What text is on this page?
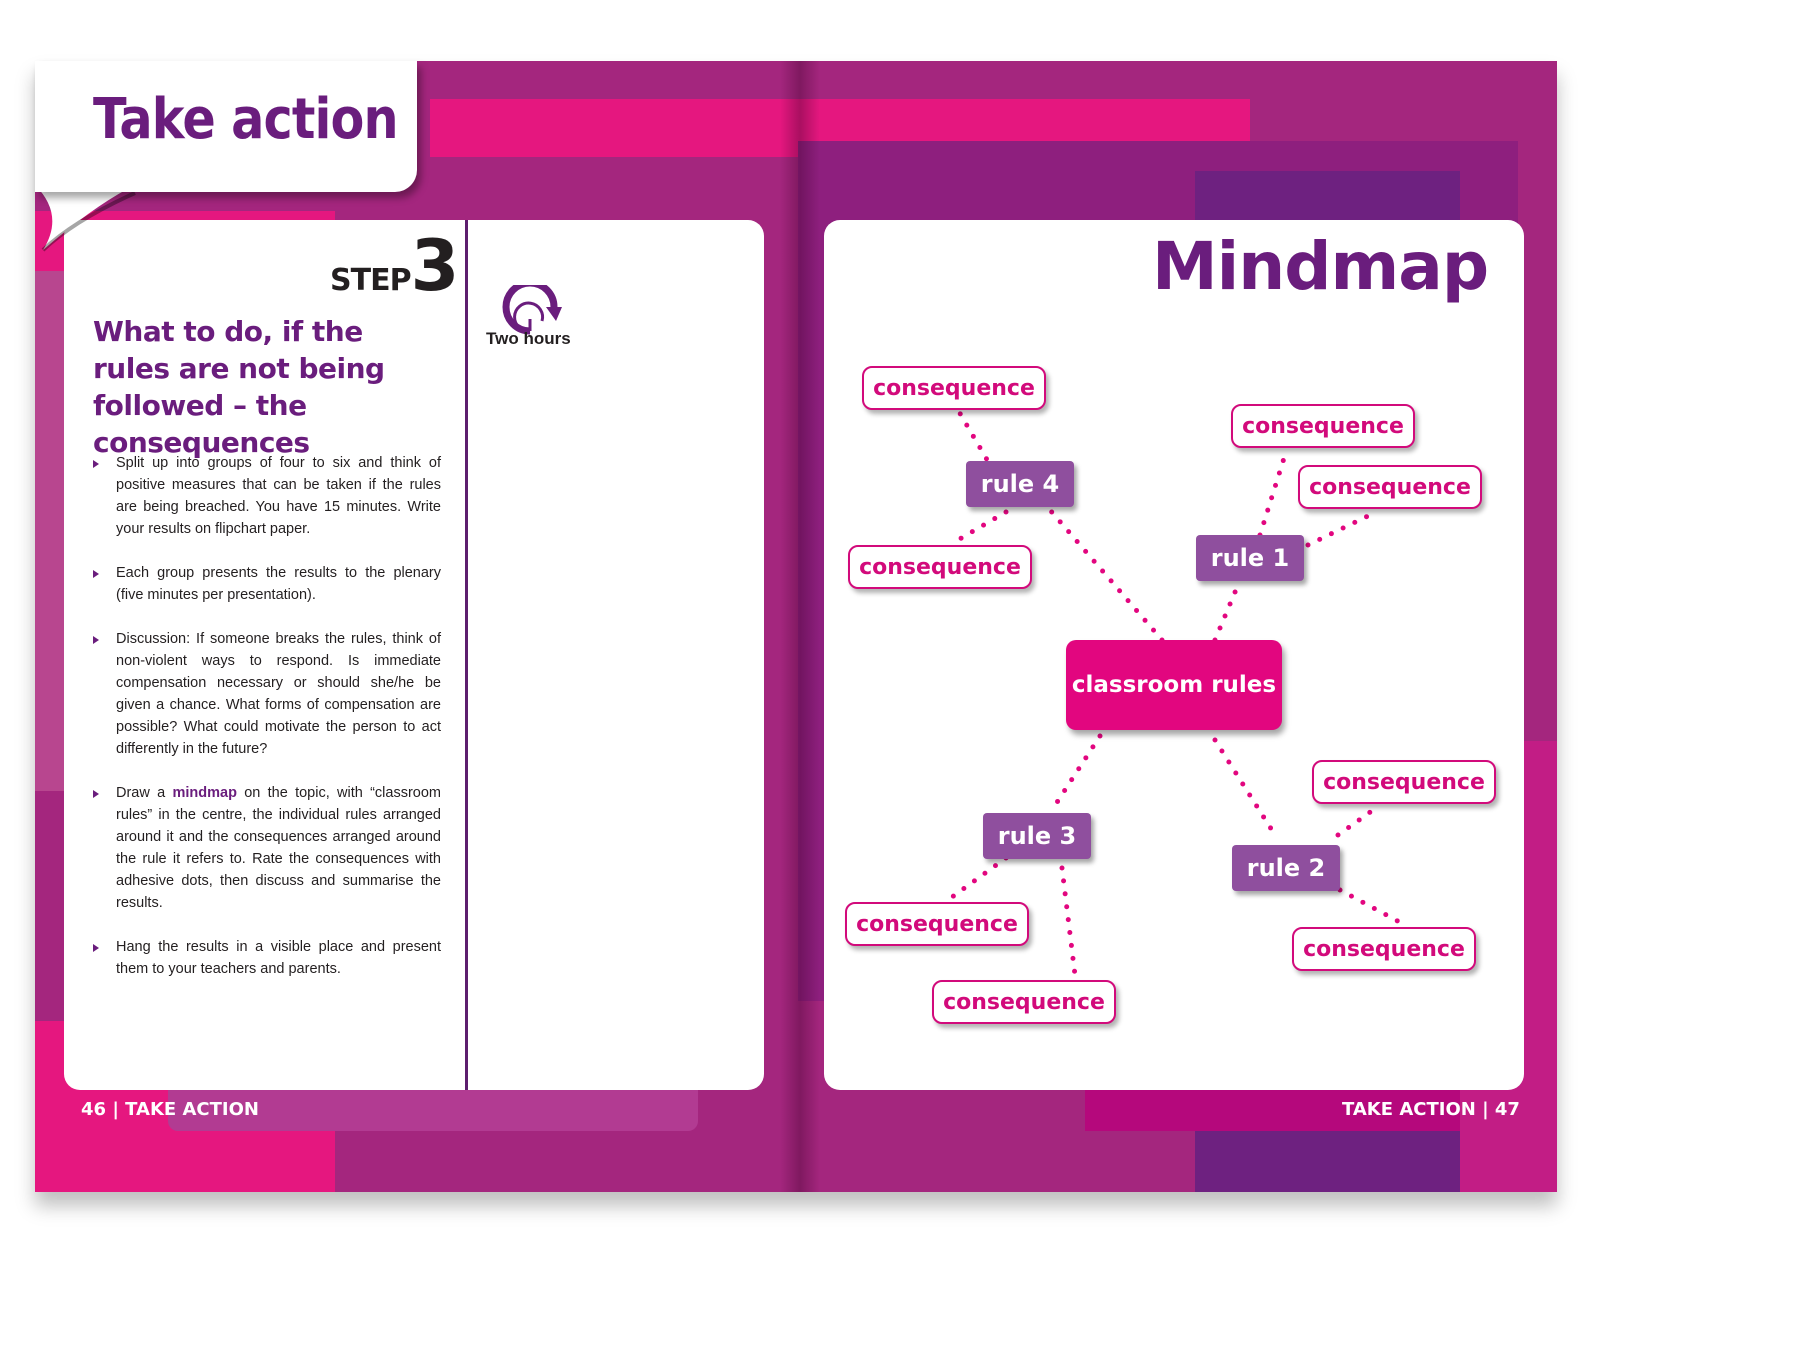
Take action
STEP3
What to do, if the rules are not being followed – the consequences
Split up into groups of four to six and think of positive measures that can be taken if the rules are being breached. You have 15 minutes. Write your results on flipchart paper.
Each group presents the results to the plenary (five minutes per presentation).
Discussion: If someone breaks the rules, think of non-violent ways to respond. Is immediate compensation necessary or should she/he be given a chance. What forms of compensation are possible? What could motivate the person to act differently in the future?
Draw a mindmap on the topic, with “classroom rules” in the centre, the individual rules arranged around it and the consequences arranged around the rule it refers to. Rate the consequences with adhesive dots, then discuss and summarise the results.
Hang the results in a visible place and present them to your teachers and parents.
Two hours
46 | TAKE ACTION	TAKE ACTION | 47
Mindmap
classroom rules
rule 4
rule 1
rule 3
rule 2
consequence
consequence
consequence
consequence
consequence
consequence
consequence
consequence
